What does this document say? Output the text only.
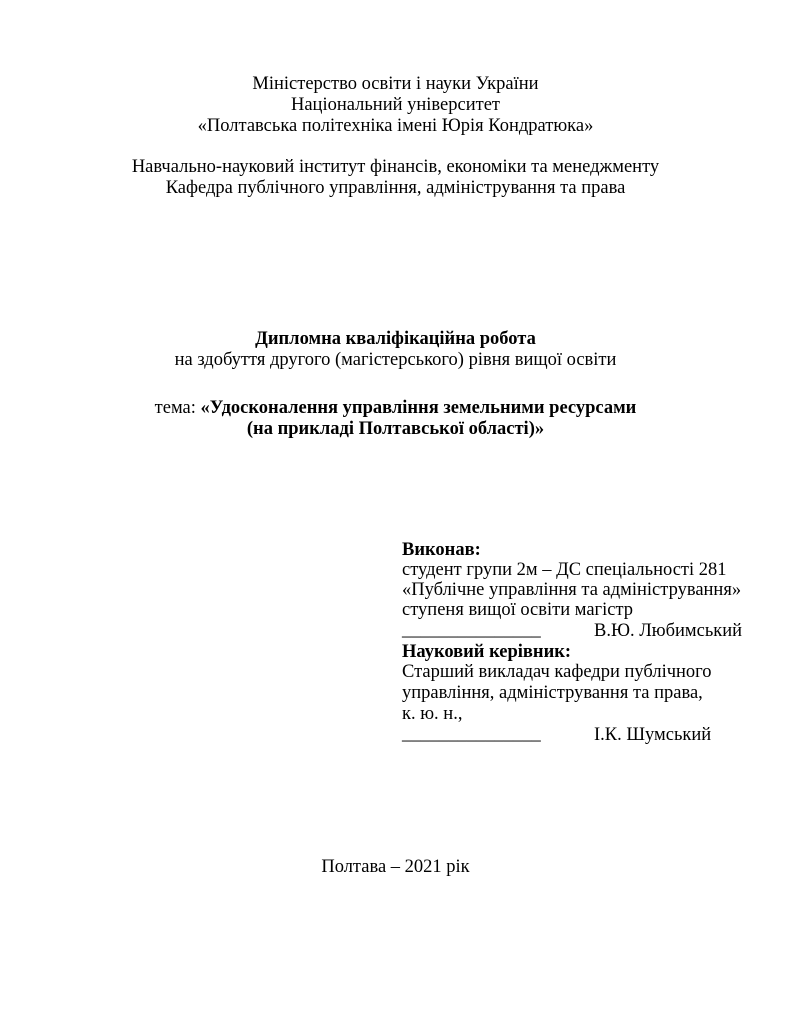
Міністерство освіти і науки України
Національний університет
«Полтавська політехніка імені Юрія Кондратюка»
Навчально-науковий інститут фінансів, економіки та менеджменту
Кафедра публічного управління, адміністрування та права
Дипломна кваліфікаційна робота
на здобуття другого (магістерського) рівня вищої освіти
тема: «Удосконалення управління земельними ресурсами
(на прикладі Полтавської області)»
Виконав:
студент групи 2м – ДС спеціальності 281
«Публічне управління та адміністрування»
ступеня вищої освіти магістр
_______________	В.Ю. Любимський
Науковий керівник:
Старший викладач кафедри публічного
управління, адміністрування та права,
к. ю. н.,
_______________	І.К. Шумський
Полтава – 2021 рік
